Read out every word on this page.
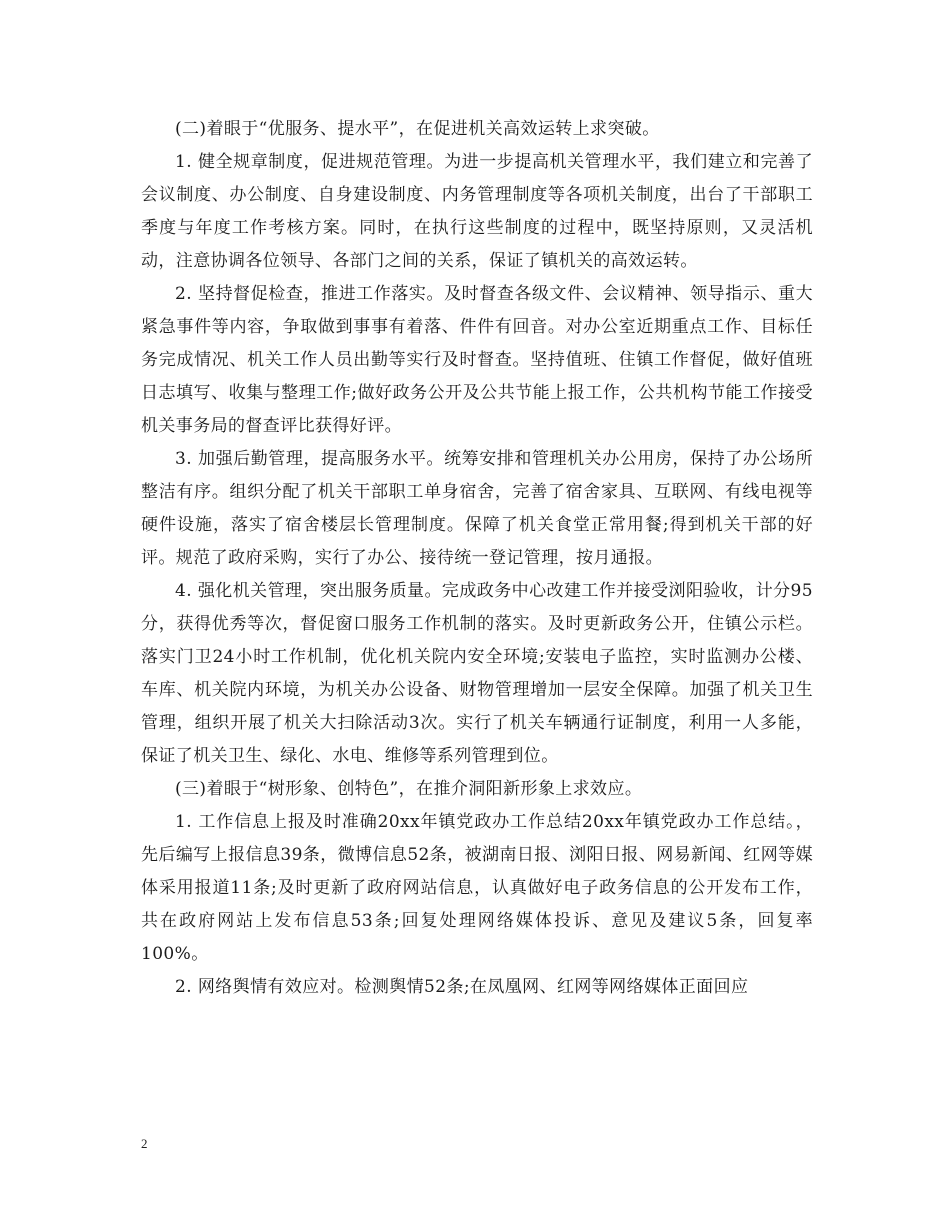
(二)着眼于“优服务、提水平”，在促进机关高效运转上求突破。

1. 健全规章制度，促进规范管理。为进一步提高机关管理水平，我们建立和完善了会议制度、办公制度、自身建设制度、内务管理制度等各项机关制度，出台了干部职工季度与年度工作考核方案。同时，在执行这些制度的过程中，既坚持原则，又灵活机动，注意协调各位领导、各部门之间的关系，保证了镇机关的高效运转。

2. 坚持督促检查，推进工作落实。及时督查各级文件、会议精神、领导指示、重大紧急事件等内容，争取做到事事有着落、件件有回音。对办公室近期重点工作、目标任务完成情况、机关工作人员出勤等实行及时督查。坚持值班、住镇工作督促，做好值班日志填写、收集与整理工作;做好政务公开及公共节能上报工作，公共机构节能工作接受机关事务局的督查评比获得好评。

3. 加强后勤管理，提高服务水平。统筹安排和管理机关办公用房，保持了办公场所整洁有序。组织分配了机关干部职工单身宿舍，完善了宿舍家具、互联网、有线电视等硬件设施，落实了宿舍楼层长管理制度。保障了机关食堂正常用餐;得到机关干部的好评。规范了政府采购，实行了办公、接待统一登记管理，按月通报。

4. 强化机关管理，突出服务质量。完成政务中心改建工作并接受浏阳验收，计分95分，获得优秀等次，督促窗口服务工作机制的落实。及时更新政务公开，住镇公示栏。落实门卫24小时工作机制，优化机关院内安全环境;安装电子监控，实时监测办公楼、车库、机关院内环境，为机关办公设备、财物管理增加一层安全保障。加强了机关卫生管理，组织开展了机关大扫除活动3次。实行了机关车辆通行证制度，利用一人多能，保证了机关卫生、绿化、水电、维修等系列管理到位。

(三)着眼于“树形象、创特色”，在推介洞阳新形象上求效应。

1. 工作信息上报及时准确20xx年镇党政办工作总结20xx年镇党政办工作总结。，先后编写上报信息39条，微博信息52条，被湖南日报、浏阳日报、网易新闻、红网等媒体采用报道11条;及时更新了政府网站信息，认真做好电子政务信息的公开发布工作，共在政府网站上发布信息53条;回复处理网络媒体投诉、意见及建议5条，回复率100%。

2. 网络舆情有效应对。检测舆情52条;在凤凰网、红网等网络媒体正面回应

2
